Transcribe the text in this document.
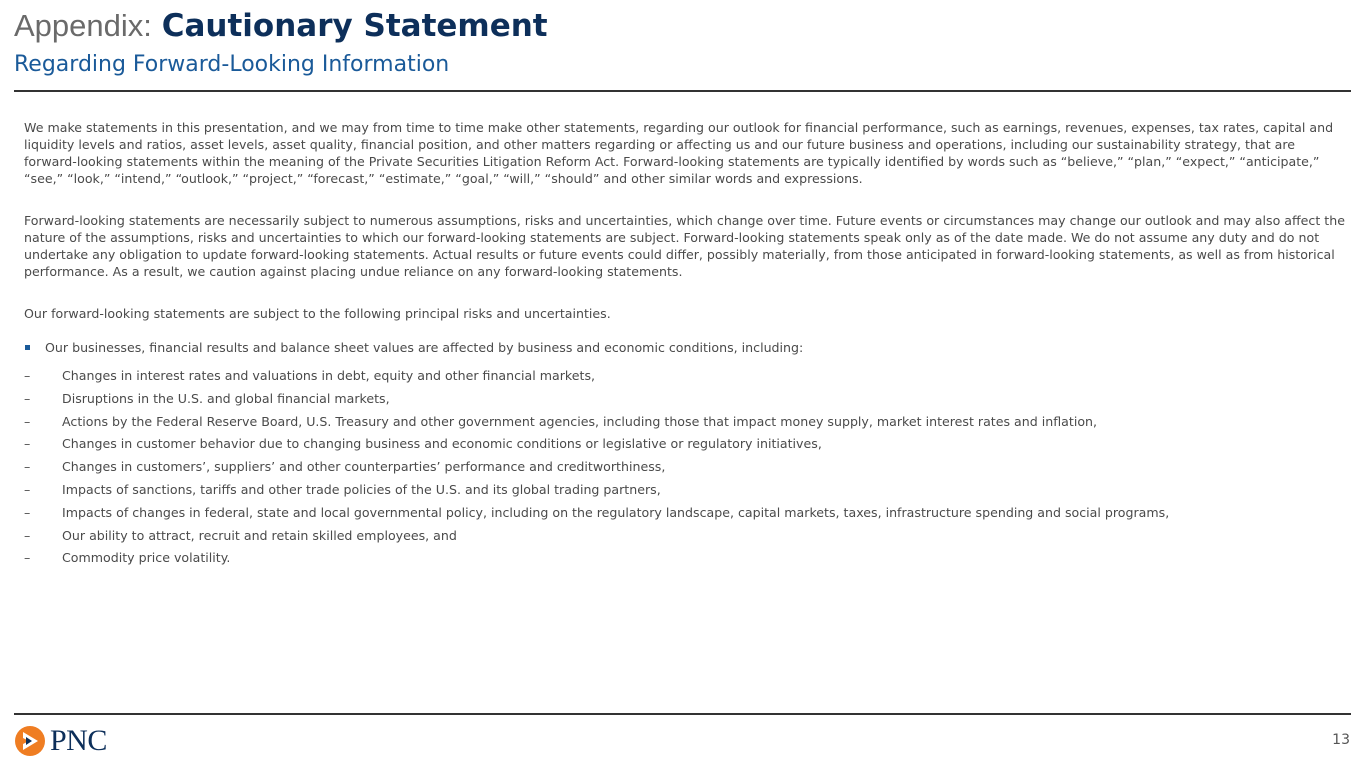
Appendix: Cautionary Statement
Regarding Forward-Looking Information

We make statements in this presentation, and we may from time to time make other statements, regarding our outlook for financial performance, such as earnings, revenues, expenses, tax rates, capital and liquidity levels and ratios, asset levels, asset quality, financial position, and other matters regarding or affecting us and our future business and operations, including our sustainability strategy, that are forward-looking statements within the meaning of the Private Securities Litigation Reform Act. Forward-looking statements are typically identified by words such as “believe,” “plan,” “expect,” “anticipate,” “see,” “look,” “intend,” “outlook,” “project,” “forecast,” “estimate,” “goal,” “will,” “should” and other similar words and expressions.

Forward-looking statements are necessarily subject to numerous assumptions, risks and uncertainties, which change over time. Future events or circumstances may change our outlook and may also affect the nature of the assumptions, risks and uncertainties to which our forward-looking statements are subject. Forward-looking statements speak only as of the date made. We do not assume any duty and do not undertake any obligation to update forward-looking statements. Actual results or future events could differ, possibly materially, from those anticipated in forward-looking statements, as well as from historical performance. As a result, we caution against placing undue reliance on any forward-looking statements.

Our forward-looking statements are subject to the following principal risks and uncertainties.

Our businesses, financial results and balance sheet values are affected by business and economic conditions, including:
–	Changes in interest rates and valuations in debt, equity and other financial markets,
–	Disruptions in the U.S. and global financial markets,
–	Actions by the Federal Reserve Board, U.S. Treasury and other government agencies, including those that impact money supply, market interest rates and inflation,
–	Changes in customer behavior due to changing business and economic conditions or legislative or regulatory initiatives,
–	Changes in customers’, suppliers’ and other counterparties’ performance and creditworthiness,
–	Impacts of sanctions, tariffs and other trade policies of the U.S. and its global trading partners,
–	Impacts of changes in federal, state and local governmental policy, including on the regulatory landscape, capital markets, taxes, infrastructure spending and social programs,
–	Our ability to attract, recruit and retain skilled employees, and
–	Commodity price volatility.
PNC	13
